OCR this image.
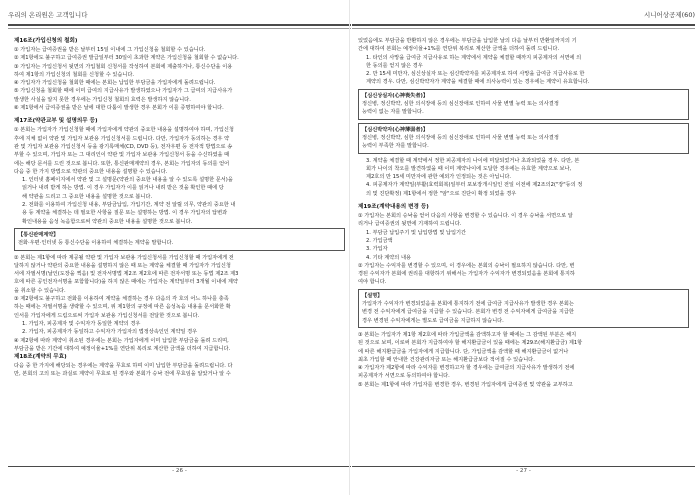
우리의 온리원은 고객입니다

제16조(가입신청의 철회)

① 가입자는 급여증권을 받은 날부터 15일 이내에 그 가입신청을 철회할 수 있습니다.

② 제1항에도 불구하고 급여증권 발급일부터 30일이 초과한 계약은 가입신청을 철회할 수 없습니다.

③ 가입자는 가입신청서 뒷면의 가입철회 신청서를 작성하여 본회에 제출하거나, 통신수단을 이용

하여 제1항의 가입신청의 철회를 신청할 수 있습니다.

④ 가입자가 가입신청을 철회한 때에는 본회는 납입한 부담금을 가입자에게 돌려드립니다.

⑤ 가입신청을 철회할 때에 이미 급여의 지급사유가 발생하였으나 가입자가 그 급여의 지급사유가

발생한 사실을 알지 못한 경우에는 가입신청 철회의 효력은 발생하지 않습니다.

⑥ 제1항에서 급여증권을 받은 날에 대한 다툼이 발생한 경우 본회가 이를 증명하여야 합니다.

제17조(약관교부 및 설명의무 등)

① 본회는 가입자가 가입신청할 때에 가입자에게 약관의 중요한 내용을 설명하여야 하며, 가입신청

후에 지체 없이 약관 및 가입자 보관용 가입신청서를 드립니다. 다만, 가입자가 동의하는 경우 약

관 및 가입자 보관용 가입신청서 등을 광기록매체(CD, DVD 등), 전자우편 등 전자적 방법으로 송

부할 수 있으며, 가입자 또는 그 대리인이 약관 및 가입자 보관용 가입신청서 등을 수신하였을 때

에는 해당 문서를 드린 것으로 봅니다. 또한, 통신판매계약의 경우, 본회는 가입자의 동의를 얻어

다음 중 한 가지 방법으로 약관의 중요한 내용을 설명할 수 있습니다.

1. 인터넷 홈페이지에서 약관 및 그 설명문(약관의 중요한 내용을 알 수 있도록 설명한 문서)을

읽거나 내려 받게 하는 방법. 이 경우 가입자가 이를 읽거나 내려 받은 것을 확인한 때에 당

해 약관을 드리고 그 중요한 내용을 설명한 것으로 봅니다.

2. 전화를 이용하여 가입신청 내용, 부담금납입, 가입기간, 계약 전 알릴 의무, 약관의 중요한 내

용 등 계약을 체결하는 데 필요한 사항을 질문 또는 설명하는 방법. 이 경우 가입자의 답변과

확인내용을 음성 녹음함으로써 약관의 중요한 내용을 설명한 것으로 봅니다.

【통신판매계약】

전화·우편·인터넷 등 통신수단을 이용하여 체결하는 계약을 말합니다.

② 본회는 제1항에 따라 제공될 약관 및 가입자 보관용 가입신청서를 가입신청할 때 가입자에게 전

달하지 않거나 약관의 중요한 내용을 설명하지 않은 때 또는 계약을 체결할 때 가입자가 가입신청

서에 자필서명(날인(도장을 찍음) 및 전자서명법 제2조 제2호에 따른 전자서명 또는 동법 제2조 제3

호에 따른 공인전자서명을 포함합니다)을 하지 않은 때에는 가입자는 계약일부터 3개월 이내에 계약

을 취소할 수 있습니다.

③ 제2항에도 불구하고 전화를 이용하여 계약을 체결하는 경우 다음의 각 호의 어느 하나를 충족

하는 때에는 자필서명을 생략할 수 있으며, 위 제1항의 규정에 따른 음성녹음 내용을 문서화한 확

인서를 가입자에게 드림으로써 가입자 보관용 가입신청서를 전달한 것으로 봅니다.

1. 가입자, 피공제자 및 수익자가 동일한 계약의 경우

2. 가입자, 피공제자가 동일하고 수익자가 가입자의 법정상속인인 계약일 경우

④ 제2항에 따라 계약이 취소된 경우에는 본회는 가입자에게 이미 납입한 부담금을 돌려 드리며,

부담금을 받은 기간에 대하여 예정이율+1%를 연단위 복리로 계산한 금액을 더하여 지급합니다.

제18조(계약의 무효)

다음 중 한 가지에 해당되는 경우에는 계약을 무효로 하며 이미 납입한 부담금을 돌려드립니다. 다

만, 본회의 고의 또는 과실로 계약이 무효로 된 경우와 본회가 승낙 전에 무효임을 알았거나 알 수

- 26 -
시니어상공제(60)

있었음에도 부담금을 반환하지 않은 경우에는 부담금을 납입한 날의 다음 날부터 반환일까지의 기

간에 대하여 본회는 예정이율+1%를 연단위 복리로 계산한 금액을 더하여 돌려 드립니다.

1. 타인의 사망을 급여금 지급사유로 하는 계약에서 계약을 체결할 때까지 피공제자의 서면에 의

한 동의를 얻지 않은 경우

2. 만 15세 미만자, 심신상실자 또는 심신박약자를 피공제자로 하여 사망을 급여금 지급사유로 한

계약의 경우. 다만, 심신박약자가 계약을 체결할 때에 의사능력이 있는 경우에는 계약이 유효합니다.

【심신상실자(心神喪失者)】

정신병, 정신박약, 심한 의식장애 등의 심신장애로 인하여 사물 변별 능력 또는 의사결정

능력이 없는 자를 말합니다.

【심신박약자(心神薄弱者)】

정신병, 정신박약, 심한 의식장애 등의 심신장애로 인하여 사물 변별 능력 또는 의사결정

능력이 부족한 자를 말합니다.

3. 계약을 체결할 때 계약에서 정한 피공제자의 나이에 미달되었거나 초과되었을 경우. 다만, 본

회가 나이의 착오를 발견하였을 때 이미 계약나이에 도달한 경우에는 유효한 계약으로 보나,

제2호의 만 15세 미만자에 관한 예외가 인정되는 것은 아닙니다.

4. 피공제자가 계약일(부활(효력회복)일부터 포보장개시일인 전일 이전에 제2조의2("장"등의 정

의 및 진단확정) 제1항에서 정한 "암"으로 진단이 확정 되었을 경우

제19조(계약내용의 변경 등)

① 가입자는 본회의 승낙을 얻어 다음의 사항을 변경할 수 있습니다. 이 경우 승낙을 서면으로 알

리거나 급여증권의 뒷면에 기재하여 드립니다.

1. 부담금 납입주기 및 납입방법 및 납입기간

2. 가입금액

3. 가입자

4. 기타 계약의 내용

② 가입자는 수익자를 변경할 수 있으며, 이 경우에는 본회의 승낙이 필요하지 않습니다. 다만, 변

경된 수익자가 본회에 권리를 대항하기 위해서는 가입자가 수익자가 변경되었음을 본회에 통지하

여야 합니다.

【설명】

가입자가 수익자가 변경되었음을 본회에 통지하기 전에 급여금 지급사유가 발생한 경우 본회는

변경 전 수익자에게 급여금을 지급할 수 있습니다. 본회가 변경 전 수익자에게 급여금을 지급한

경우 변경된 수익자에게는 별도로 급여금을 지급하지 않습니다.

③ 본회는 가입자가 제1항 제2호에 따라 가입금액을 감액하고자 할 때에는 그 감액된 부분은 해지

된 것으로 보며, 이로써 본회가 지급하여야 할 해지환급금이 있을 때에는 제29조(해지환급금) 제1항

에 따른 해지환급금을 가입자에게 지급합니다. 단, 가입금액을 감액할 때 해지환급금이 없거나

최초 가입할 때 안내한 건강관리자금 또는 해지환급금보다 적어질 수 있습니다.

④ 가입자가 제2항에 따라 수익자를 변경하고자 할 경우에는 급여금의 지급사유가 발생하기 전에

피공제자가 서면으로 동의하여야 합니다.

⑤ 본회는 제1항에 따라 가입자를 변경한 경우, 변경된 가입자에게 급여증권 및 약관을 교부하고

- 27 -
